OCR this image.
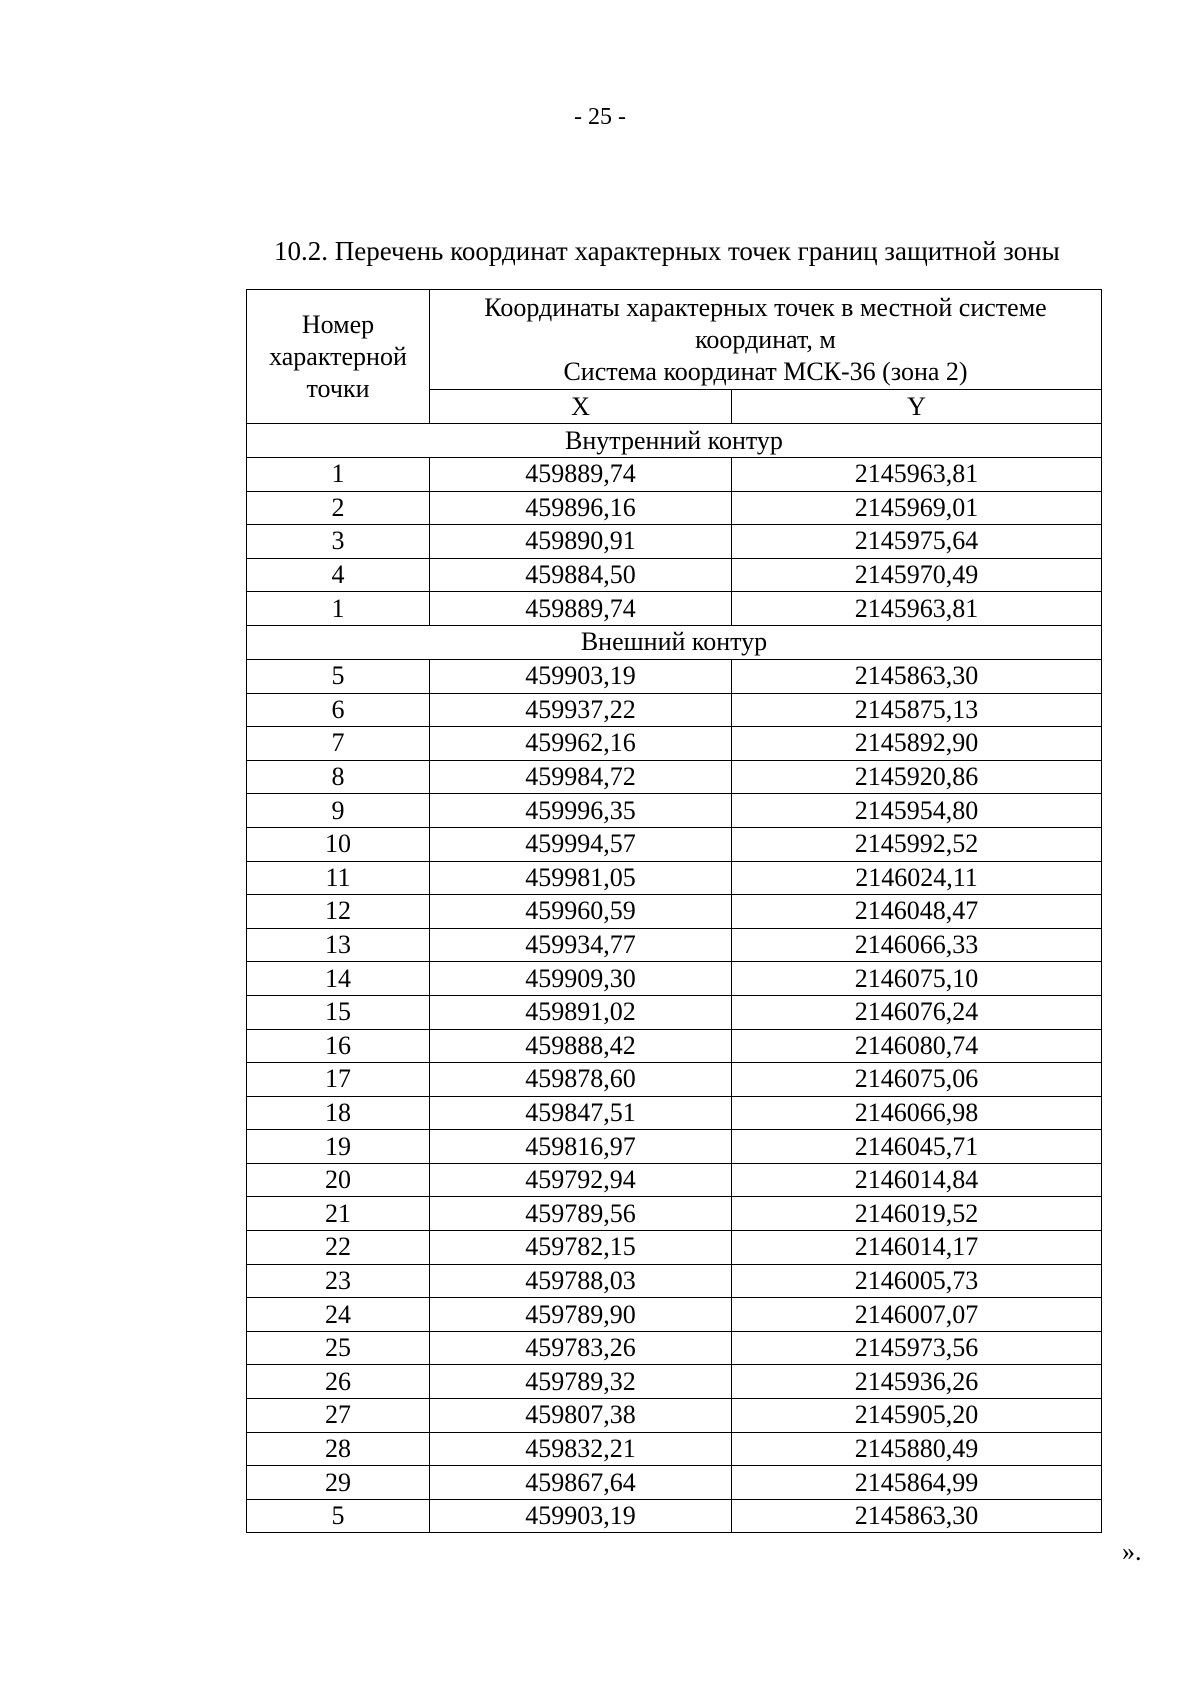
- 25 -
10.2. Перечень координат характерных точек границ защитной зоны
Номер
характерной
точки	Координаты характерных точек в местной системе
координат, м
Система координат МСК-36 (зона 2)	

	X	Y
Внутренний контур		
1	459889,74	2145963,81
2	459896,16	2145969,01
3	459890,91	2145975,64
4	459884,50	2145970,49
1	459889,74	2145963,81
Внешний контур		
5	459903,19	2145863,30
6	459937,22	2145875,13
7	459962,16	2145892,90
8	459984,72	2145920,86
9	459996,35	2145954,80
10	459994,57	2145992,52
11	459981,05	2146024,11
12	459960,59	2146048,47
13	459934,77	2146066,33
14	459909,30	2146075,10
15	459891,02	2146076,24
16	459888,42	2146080,74
17	459878,60	2146075,06
18	459847,51	2146066,98
19	459816,97	2146045,71
20	459792,94	2146014,84
21	459789,56	2146019,52
22	459782,15	2146014,17
23	459788,03	2146005,73
24	459789,90	2146007,07
25	459783,26	2145973,56
26	459789,32	2145936,26
27	459807,38	2145905,20
28	459832,21	2145880,49
29	459867,64	2145864,99
5	459903,19	2145863,30
».
